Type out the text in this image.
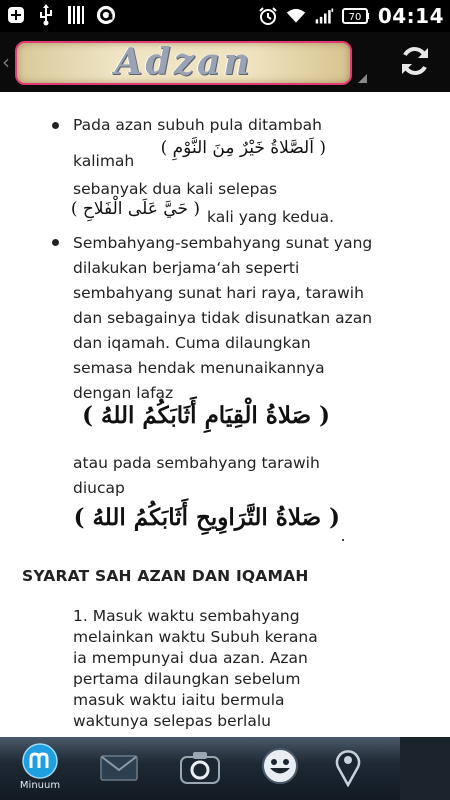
70 04:14
‹	Adzan
Pada azan subuh pula ditambah
kalimah
( اَلصَّلاةُ خَيْرٌ مِنَ النَّوْمِ )
sebanyak dua kali selepas
( حَيَّ عَلَى الْفَلاحِ ) kali yang kedua.
Sembahyang-sembahyang sunat yang
dilakukan berjama‘ah seperti
sembahyang sunat hari raya, tarawih
dan sebagainya tidak disunatkan azan
dan iqamah. Cuma dilaungkan
semasa hendak menunaikannya
dengan lafaz
( صَلاةُ الْقِيَامِ أَثَابَكُمُ اللهُ )
atau pada sembahyang tarawih
diucap
( صَلاةُ التَّرَاوِيحِ أَثَابَكُمُ اللهُ )
SYARAT SAH AZAN DAN IQAMAH
1. Masuk waktu sembahyang
melainkan waktu Subuh kerana
ia mempunyai dua azan. Azan
pertama dilaungkan sebelum
masuk waktu iaitu bermula
waktunya selepas berlalu
Minuum
